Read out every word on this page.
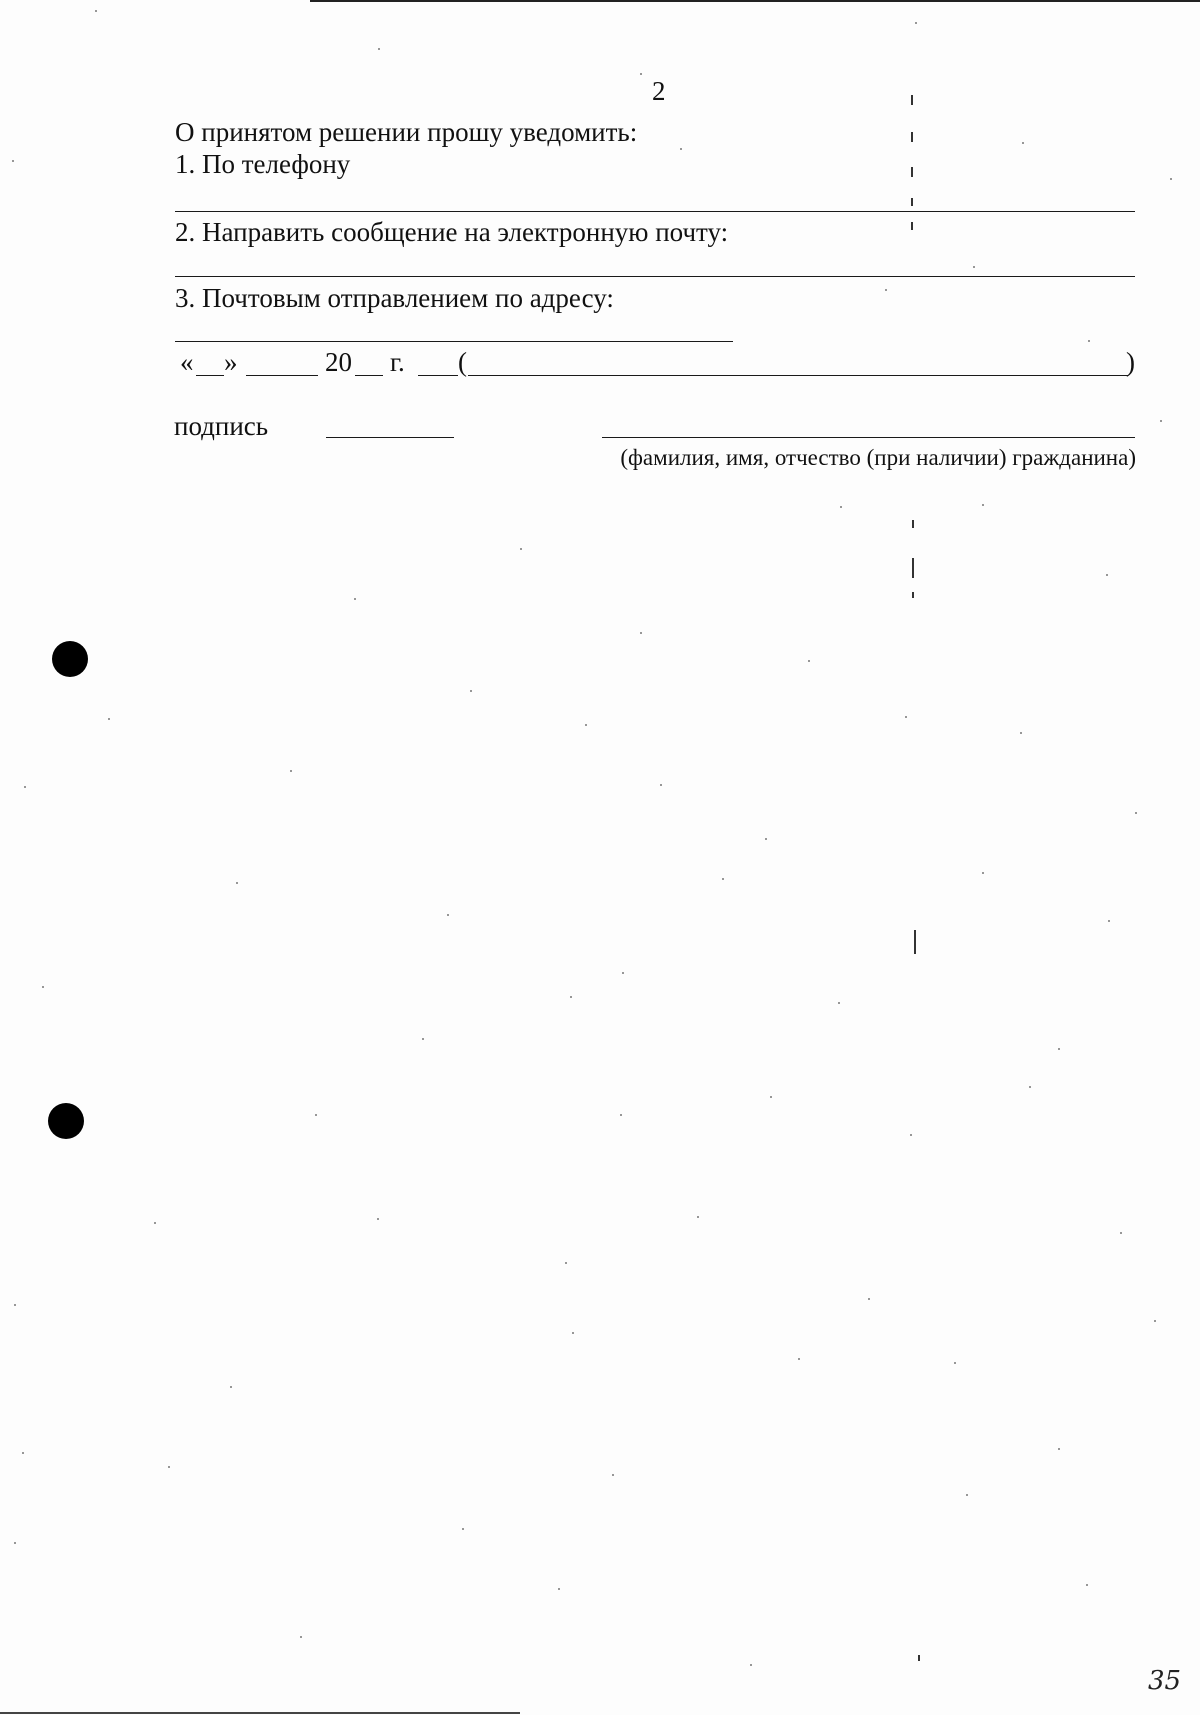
2
О принятом решении прошу уведомить:
1. По телефону
2. Направить сообщение на электронную почту:
3. Почтовым отправлением по адресу:
« »	20 г. (	)
подпись
(фамилия, имя, отчество (при наличии) гражданина)
35
